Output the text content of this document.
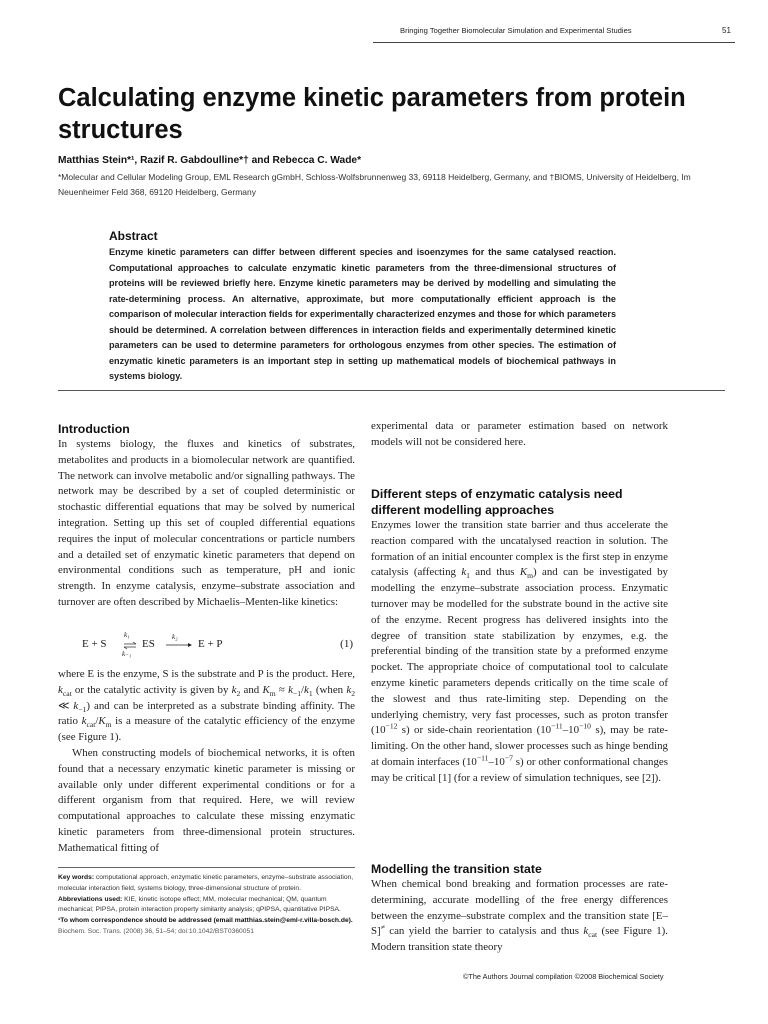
Bringing Together Biomolecular Simulation and Experimental Studies	51
Calculating enzyme kinetic parameters from protein structures
Matthias Stein*¹, Razif R. Gabdoulline*† and Rebecca C. Wade*
*Molecular and Cellular Modeling Group, EML Research gGmbH, Schloss-Wolfsbrunnenweg 33, 69118 Heidelberg, Germany, and †BIOMS, University of Heidelberg, Im Neuenheimer Feld 368, 69120 Heidelberg, Germany
Abstract

Enzyme kinetic parameters can differ between different species and isoenzymes for the same catalysed reaction. Computational approaches to calculate enzymatic kinetic parameters from the three-dimensional structures of proteins will be reviewed briefly here. Enzyme kinetic parameters may be derived by modelling and simulating the rate-determining process. An alternative, approximate, but more computationally efficient approach is the comparison of molecular interaction fields for experimentally characterized enzymes and those for which parameters should be determined. A correlation between differences in interaction fields and experimentally determined kinetic parameters can be used to determine parameters for orthologous enzymes from other species. The estimation of enzymatic kinetic parameters is an important step in setting up mathematical models of biochemical pathways in systems biology.

Introduction

In systems biology, the fluxes and kinetics of substrates, metabolites and products in a biomolecular network are quantified. The network can involve metabolic and/or signalling pathways. The network may be described by a set of coupled deterministic or stochastic differential equations that may be solved by numerical integration. Setting up this set of coupled differential equations requires the input of molecular concentrations or particle numbers and a detailed set of enzymatic kinetic parameters that depend on environmental conditions such as temperature, pH and ionic strength. In enzyme catalysis, enzyme–substrate association and turnover are often described by Michaelis–Menten-like kinetics:

E + S	ES	E + P
k₁
k₋₁
k₂
(1)

where E is the enzyme, S is the substrate and P is the product. Here, $k_{cat}$ or the catalytic activity is given by $k_2$ and $K_m \approx k_{-1}/k_1$ (when $k_2$ ≪ $k_{-1}$) and can be interpreted as a substrate binding affinity. The ratio $k_{cat}/K_m$ is a measure of the catalytic efficiency of the enzyme (see Figure 1).

When constructing models of biochemical networks, it is often found that a necessary enzymatic kinetic parameter is missing or available only under different experimental conditions or for a different organism from that required. Here, we will review computational approaches to calculate these missing enzymatic kinetic parameters from three-dimensional protein structures. Mathematical fitting of

experimental data or parameter estimation based on network models will not be considered here.

Different steps of enzymatic catalysis need different modelling approaches

Enzymes lower the transition state barrier and thus accelerate the reaction compared with the uncatalysed reaction in solution. The formation of an initial encounter complex is the first step in enzyme catalysis (affecting $k_1$ and thus $K_m$) and can be investigated by modelling the enzyme–substrate association process. Enzymatic turnover may be modelled for the substrate bound in the active site of the enzyme. Recent progress has delivered insights into the degree of transition state stabilization by enzymes, e.g. the preferential binding of the transition state by a preformed enzyme pocket. The appropriate choice of computational tool to calculate enzyme kinetic parameters depends critically on the time scale of the slowest and thus rate-limiting step. Depending on the underlying chemistry, very fast processes, such as proton transfer ($10^{-12}$ s) or side-chain reorientation ($10^{-11}-10^{-10}$ s), may be rate-limiting. On the other hand, slower processes such as hinge bending at domain interfaces ($10^{-11}-10^{-7}$ s) or other conformational changes may be critical [1] (for a review of simulation techniques, see [2]).

Modelling the transition state

When chemical bond breaking and formation processes are rate-determining, accurate modelling of the free energy differences between the enzyme–substrate complex and the transition state [E–S]≠ can yield the barrier to catalysis and thus $k_{cat}$ (see Figure 1). Modern transition state theory

Key words: computational approach, enzymatic kinetic parameters, enzyme–substrate association, molecular interaction field, systems biology, three-dimensional structure of protein.
Abbreviations used: KIE, kinetic isotope effect; MM, molecular mechanical; QM, quantum mechanical; PIPSA, protein interaction property similarity analysis; qPIPSA, quantitative PIPSA.
¹To whom correspondence should be addressed (email matthias.stein@eml-r.villa-bosch.de).
Biochem. Soc. Trans. (2008) 36, 51–54; doi:10.1042/BST0360051
©The Authors Journal compilation ©2008 Biochemical Society
